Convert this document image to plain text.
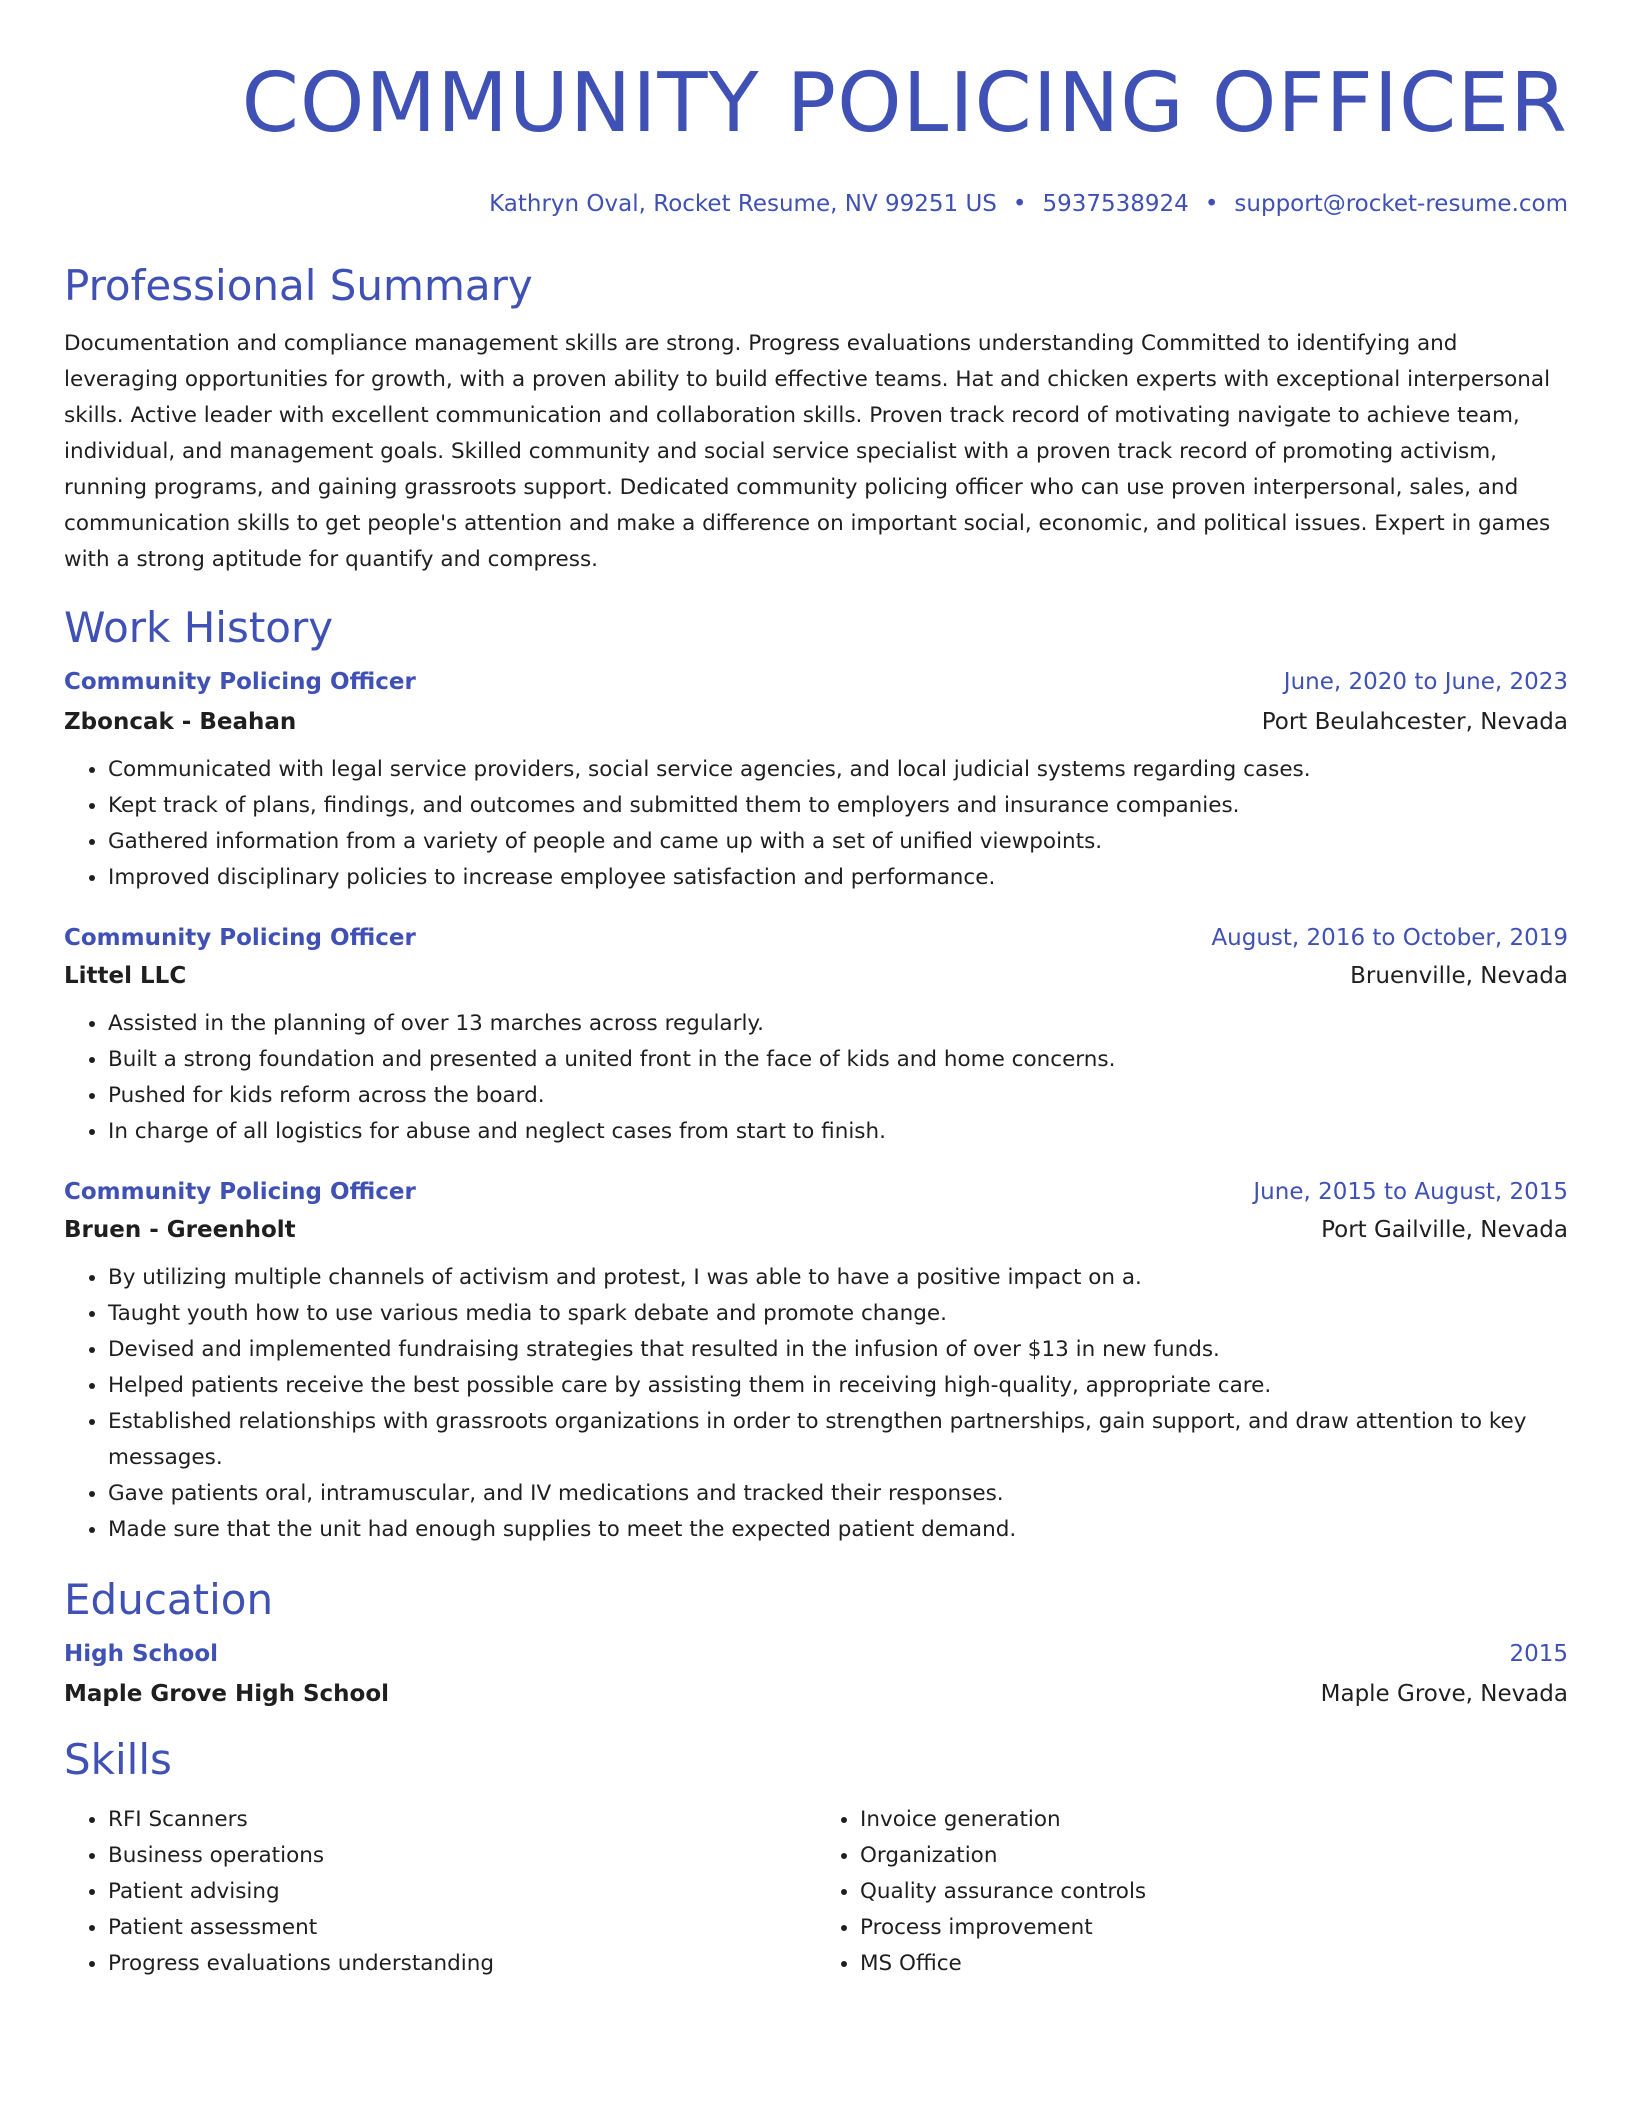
COMMUNITY POLICING OFFICER
Kathryn Oval, Rocket Resume, NV 99251 US • 5937538924 • support@rocket-resume.com
Professional Summary

Documentation and compliance management skills are strong. Progress evaluations understanding Committed to identifying and leveraging opportunities for growth, with a proven ability to build effective teams. Hat and chicken experts with exceptional interpersonal skills. Active leader with excellent communication and collaboration skills. Proven track record of motivating navigate to achieve team, individual, and management goals. Skilled community and social service specialist with a proven track record of promoting activism, running programs, and gaining grassroots support. Dedicated community policing officer who can use proven interpersonal, sales, and communication skills to get people's attention and make a difference on important social, economic, and political issues. Expert in games with a strong aptitude for quantify and compress.

Work History
Community Policing Officer	June, 2020 to June, 2023
Zboncak - Beahan	Port Beulahcester, Nevada
• Communicated with legal service providers, social service agencies, and local judicial systems regarding cases.
• Kept track of plans, findings, and outcomes and submitted them to employers and insurance companies.
• Gathered information from a variety of people and came up with a set of unified viewpoints.
• Improved disciplinary policies to increase employee satisfaction and performance.
Community Policing Officer	August, 2016 to October, 2019
Littel LLC	Bruenville, Nevada
• Assisted in the planning of over 13 marches across regularly.
• Built a strong foundation and presented a united front in the face of kids and home concerns.
• Pushed for kids reform across the board.
• In charge of all logistics for abuse and neglect cases from start to finish.
Community Policing Officer	June, 2015 to August, 2015
Bruen - Greenholt	Port Gailville, Nevada
• By utilizing multiple channels of activism and protest, I was able to have a positive impact on a.
• Taught youth how to use various media to spark debate and promote change.
• Devised and implemented fundraising strategies that resulted in the infusion of over $13 in new funds.
• Helped patients receive the best possible care by assisting them in receiving high-quality, appropriate care.
• Established relationships with grassroots organizations in order to strengthen partnerships, gain support, and draw attention to key messages.
• Gave patients oral, intramuscular, and IV medications and tracked their responses.
• Made sure that the unit had enough supplies to meet the expected patient demand.
Education
High School	2015
Maple Grove High School	Maple Grove, Nevada
Skills
• RFI Scanners
• Business operations
• Patient advising
• Patient assessment
• Progress evaluations understanding
• Invoice generation
• Organization
• Quality assurance controls
• Process improvement
• MS Office
